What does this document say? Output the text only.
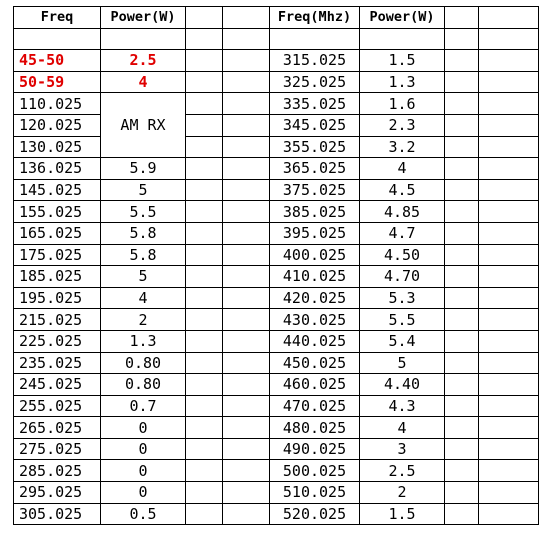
Freq	Power(W)			Freq(Mhz)	Power(W)		

45-50	2.5			315.025	1.5		
50-59	4			325.025	1.3		
110.025	AM RX			335.025	1.6		
120.025				345.025	2.3		
130.025				355.025	3.2		
136.025	5.9			365.025	4		
145.025	5			375.025	4.5		
155.025	5.5			385.025	4.85		
165.025	5.8			395.025	4.7		
175.025	5.8			400.025	4.50		
185.025	5			410.025	4.70		
195.025	4			420.025	5.3		
215.025	2			430.025	5.5		
225.025	1.3			440.025	5.4		
235.025	0.80			450.025	5		
245.025	0.80			460.025	4.40		
255.025	0.7			470.025	4.3		
265.025	0			480.025	4		
275.025	0			490.025	3		
285.025	0			500.025	2.5		
295.025	0			510.025	2		
305.025	0.5			520.025	1.5		
